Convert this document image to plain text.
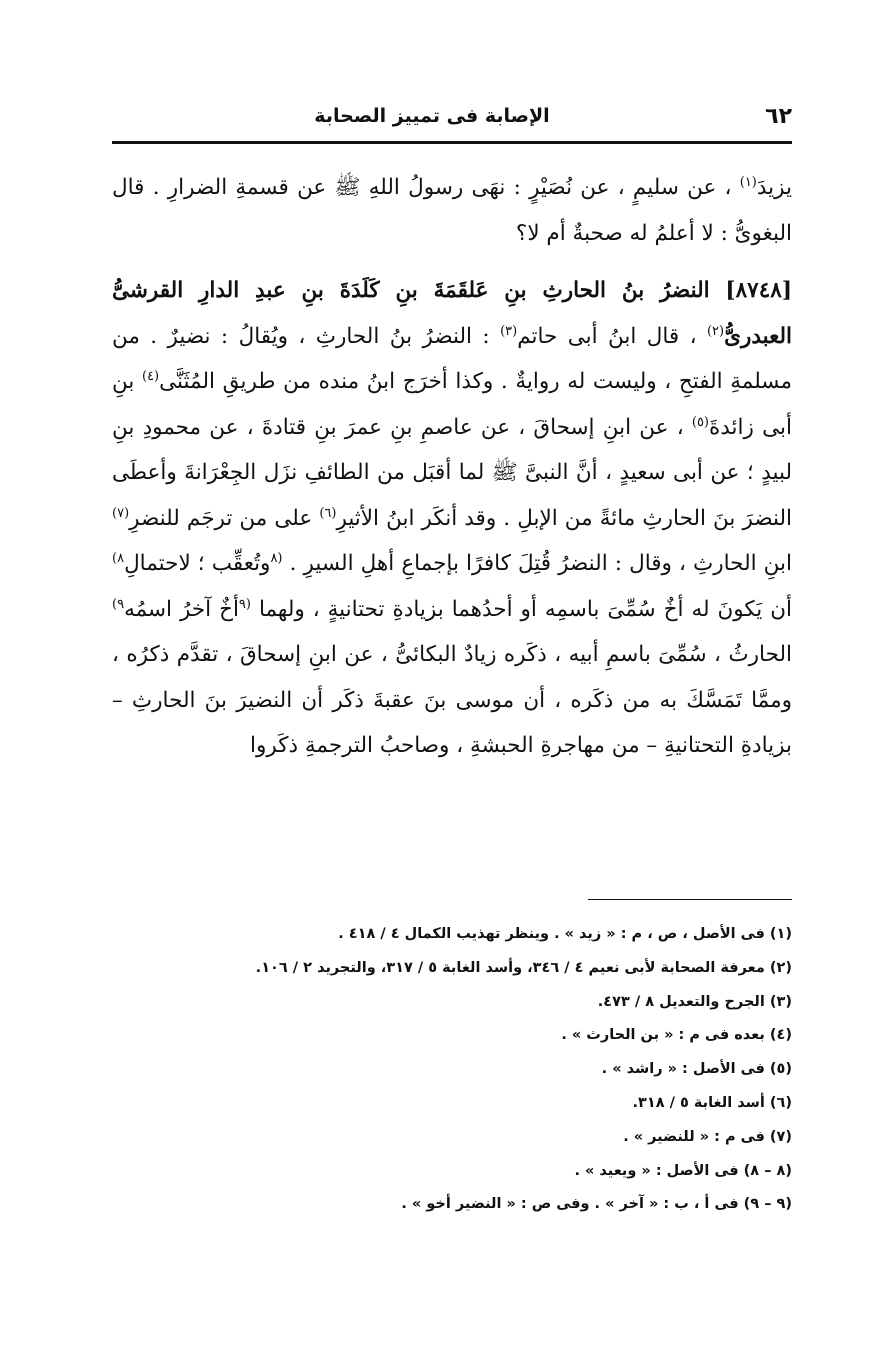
٦٢
الإصابة فى تمييز الصحابة

يزيدَ$^{(١)}$ ، عن سليمٍ ، عن نُصَيْرٍ : نهَى رسولُ اللهِ ﷺ عن قسمةِ الضرارِ . قال البغوىُّ : لا أعلمُ له صحبةٌ أم لا؟

[٨٧٤٨] النضرُ بنُ الحارثِ بنِ عَلقَمَةَ بنِ كَلَدَةَ بنِ عبدِ الدارِ القرشىُّ العبدرىُّ$^{(٢)}$ ، قال ابنُ أبى حاتم$^{(٣)}$ : النضرُ بنُ الحارثِ ، ويُقالُ : نضيرٌ . من مسلمةِ الفتحِ ، وليست له روايةٌ . وكذا أخرَج ابنُ منده من طريقِ المُثَنَّى$^{(٤)}$ بنِ أبى زائدةَ$^{(٥)}$ ، عن ابنِ إسحاقَ ، عن عاصمِ بنِ عمرَ بنِ قتادةَ ، عن محمودِ بنِ لبيدٍ ؛ عن أبى سعيدٍ ، أنَّ النبىَّ ﷺ لما أقبَل من الطائفِ نزَل الجِعْرَانةَ وأعطَى النضرَ بنَ الحارثِ مائةً من الإبلِ . وقد أنكَر ابنُ الأثيرِ$^{(٦)}$ على من ترجَم للنضرِ$^{(٧)}$ ابنِ الحارثِ ، وقال : النضرُ قُتِلَ كافرًا بإجماعِ أهلِ السيرِ . $^{(٨}$وتُعقِّب ؛ لاحتمالِ$^{٨)}$ أن يَكونَ له أخٌ سُمِّىَ باسمِه أو أحدُهما بزيادةِ تحتانيةٍ ، ولهما $^{(٩}$أخٌ آخرُ اسمُه$^{٩)}$ الحارثُ ، سُمِّىَ باسمِ أبيه ، ذكَره زيادٌ البكائىُّ ، عن ابنِ إسحاقَ ، تقدَّم ذكرُه ، وممَّا تَمَسَّكَ به من ذكَره ، أن موسى بنَ عقبةَ ذكَر أن النضيرَ بنَ الحارثِ – بزيادةِ التحتانيةِ – من مهاجرةِ الحبشةِ ، وصاحبُ الترجمةِ ذكَروا

(١) فى الأصل ، ص ، م : « زيد » . وينظر تهذيب الكمال ٤ / ٤١٨ .
(٢) معرفة الصحابة لأبى نعيم ٤ / ٣٤٦، وأسد الغابة ٥ / ٣١٧، والتجريد ٢ / ١٠٦.
(٣) الجرح والتعديل ٨ / ٤٧٣.
(٤) بعده فى م : « بن الحارث » .
(٥) فى الأصل : « راشد » .
(٦) أسد الغابة ٥ / ٣١٨.
(٧) فى م : « للنضير » .
(٨ – ٨) فى الأصل : « ويعيد » .
(٩ – ٩) فى أ ، ب : « آخر » . وفى ص : « النضير أخو » .
